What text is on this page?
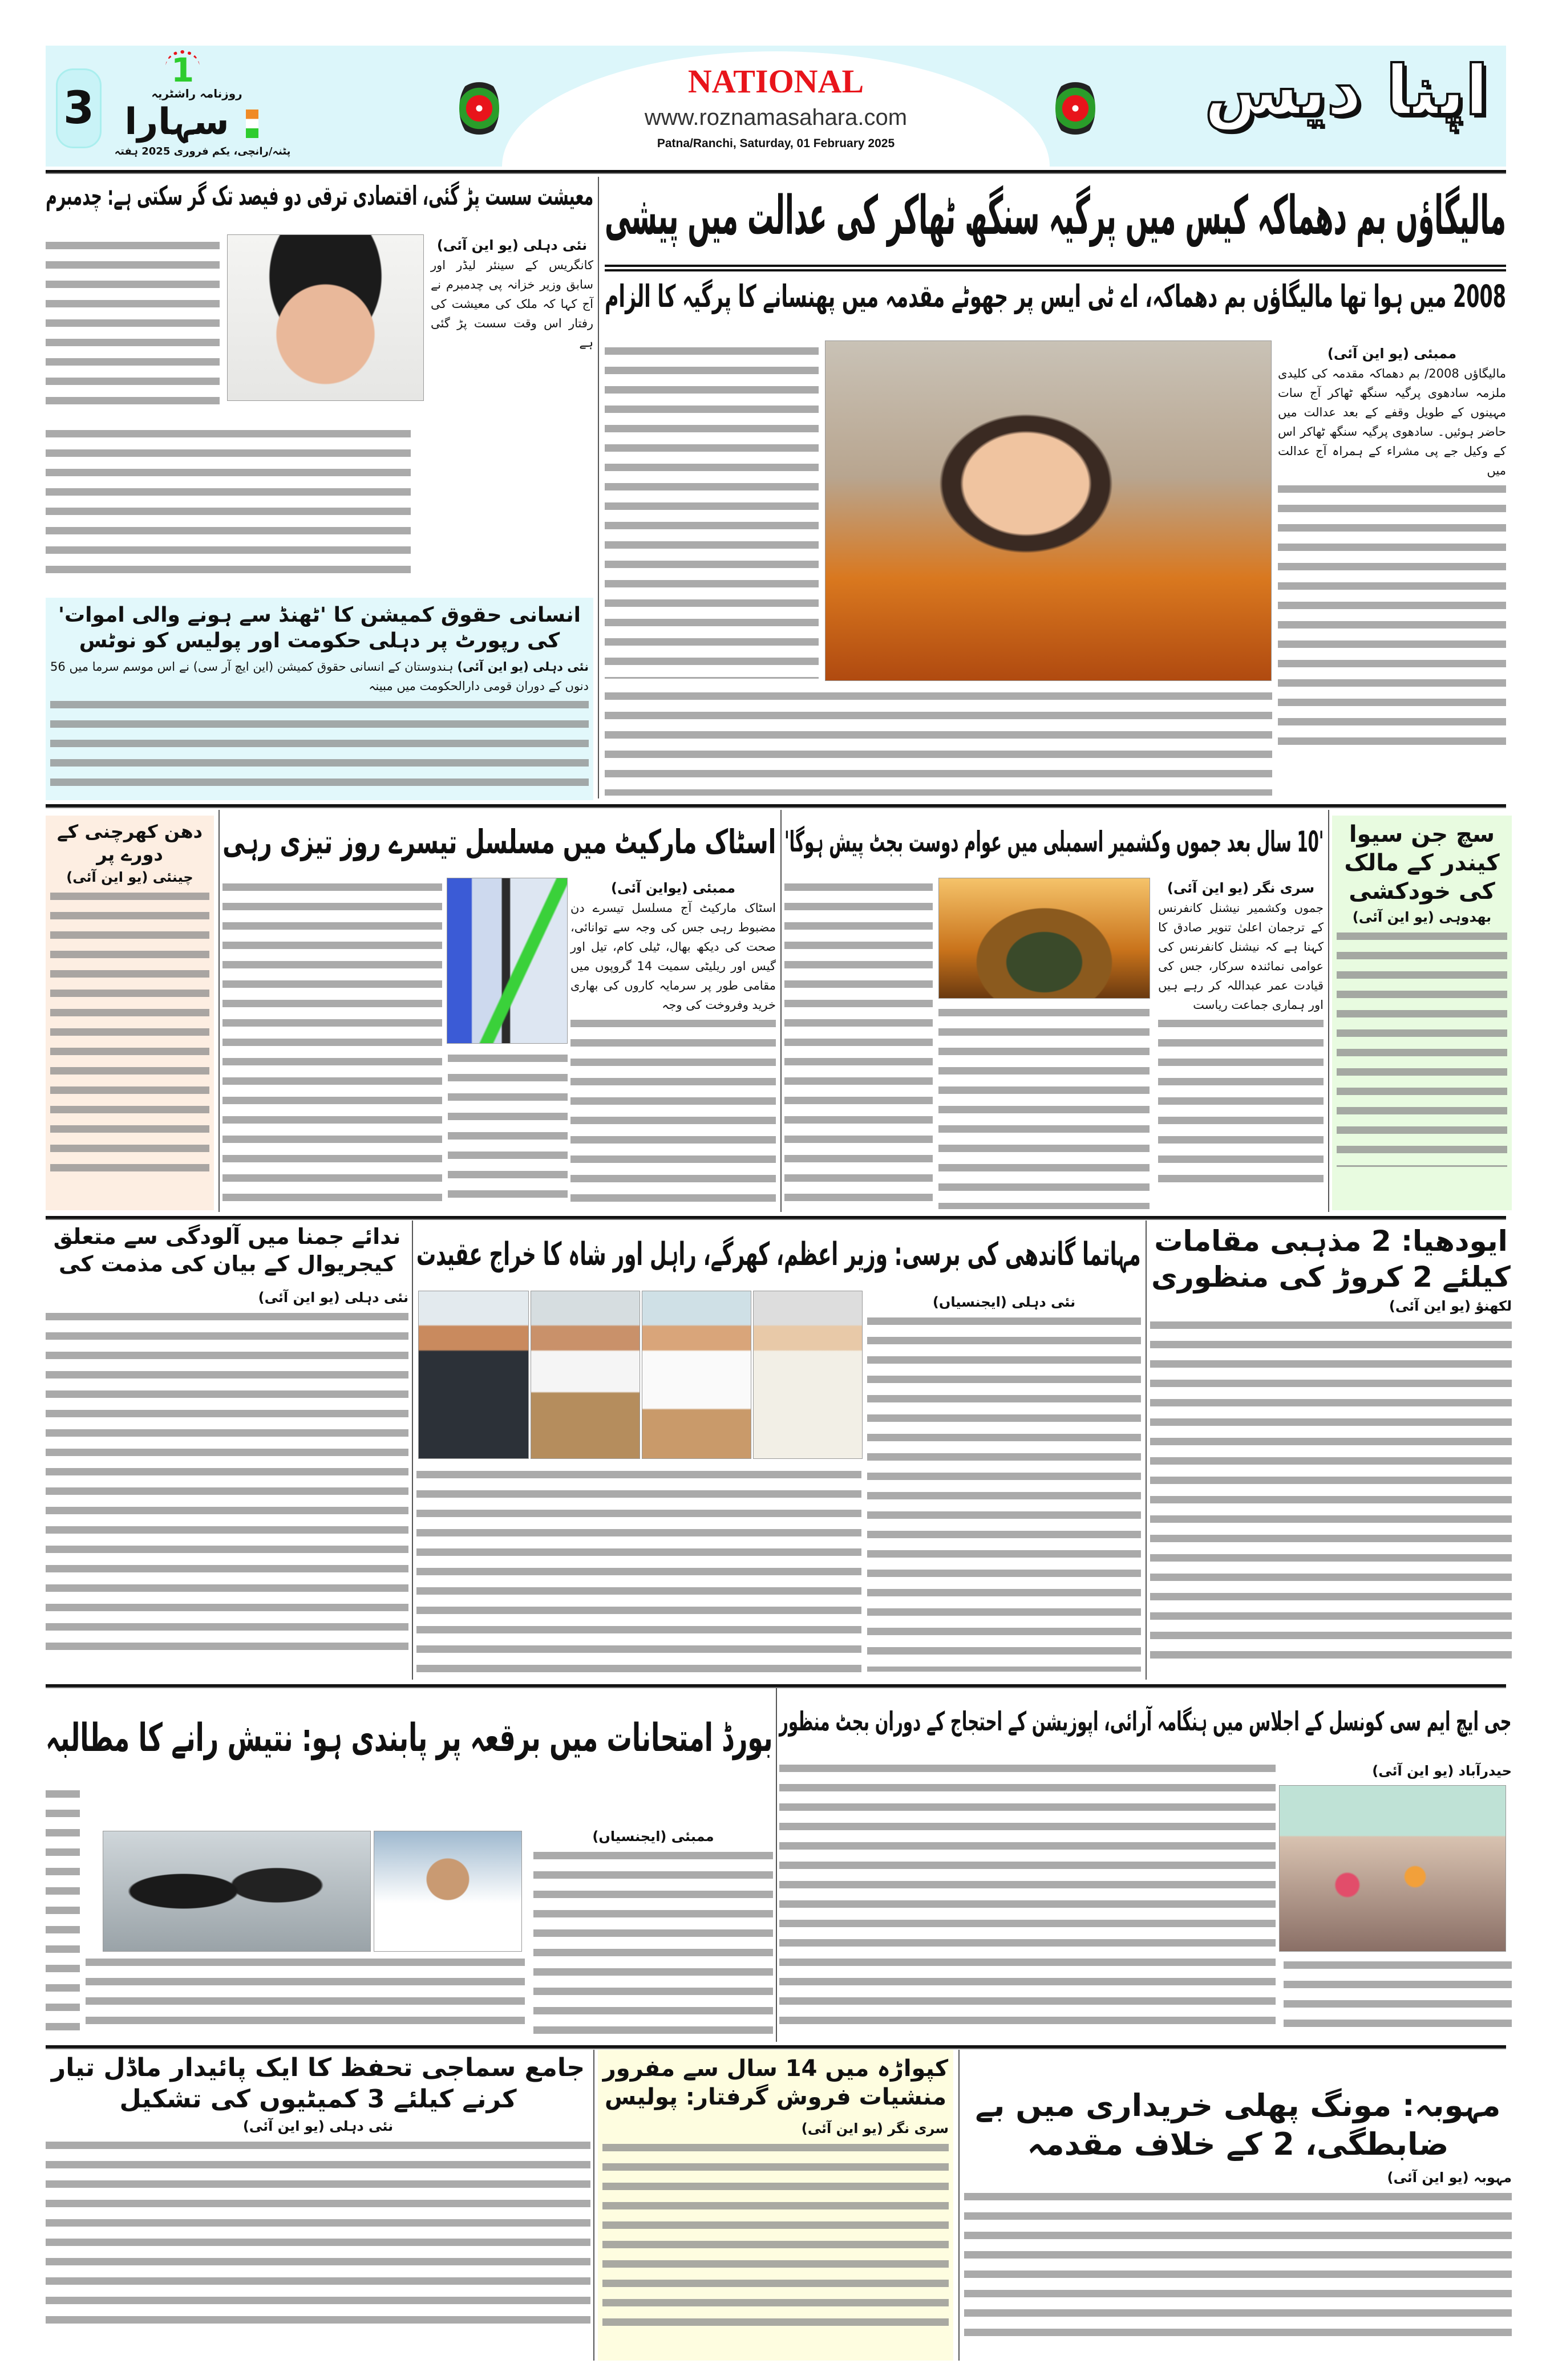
3
1
روزنامہ راشٹریہ
سہارا
پٹنہ/رانچی، یکم فروری 2025 ہفتہ
NATIONAL
www.roznamasahara.com
Patna/Ranchi, Saturday, 01 February 2025
اپنا دیس
مالیگاؤں بم دھماکہ کیس میں پرگیہ سنگھ ٹھاکر کی عدالت میں پیشی
2008 میں ہوا تھا مالیگاؤں بم دھماکہ، اے ٹی ایس پر جھوٹے مقدمہ میں پھنسانے کا پرگیہ کا الزام
ممبئی (یو این آئی)
مالیگاؤں 2008/ بم دھماکہ مقدمہ کی کلیدی ملزمہ سادھوی پرگیہ سنگھ ٹھاکر آج سات مہینوں کے طویل وقفے کے بعد عدالت میں حاضر ہوئیں۔ سادھوی پرگیہ سنگھ ٹھاکر اس کے وکیل جے پی مشراء کے ہمراہ آج عدالت میں
معیشت سست پڑ گئی، اقتصادی ترقی دو فیصد تک گر سکتی ہے: چدمبرم
نئی دہلی (یو این آئی)
کانگریس کے سینئر لیڈر اور سابق وزیر خزانہ پی چدمبرم نے آج کہا کہ ملک کی معیشت کی رفتار اس وقت سست پڑ گئی ہے
انسانی حقوق کمیشن کا 'ٹھنڈ سے ہونے والی اموات' کی رپورٹ پر دہلی حکومت اور پولیس کو نوٹس
نئی دہلی (یو این آئی) ہندوستان کے انسانی حقوق کمیشن (این ایچ آر سی) نے اس موسم سرما میں 56 دنوں کے دوران قومی دارالحکومت میں مبینہ
سچ جن سیوا کیندر کے مالک کی خودکشی
بھدوہی (یو این آئی)
'10 سال بعد جموں وکشمیر اسمبلی میں عوام دوست بجٹ پیش ہوگا'
سری نگر (یو این آئی)
جموں وکشمیر نیشنل کانفرنس کے ترجمان اعلیٰ تنویر صادق کا کہنا ہے کہ نیشنل کانفرنس کی عوامی نمائندہ سرکار، جس کی قیادت عمر عبداللہ کر رہے ہیں اور ہماری جماعت ریاست
اسٹاک مارکیٹ میں مسلسل تیسرے روز تیزی رہی
ممبئی (یواین آئی)
اسٹاک مارکیٹ آج مسلسل تیسرے دن مضبوط رہی جس کی وجہ سے توانائی، صحت کی دیکھ بھال، ٹیلی کام، تیل اور گیس اور ریلیٹی سمیت 14 گروپوں میں مقامی طور پر سرمایہ کاروں کی بھاری خرید وفروخت کی وجہ
دھن کھرچنی کے دورے پر
چینئی (یو این آئی)
ایودھیا: 2 مذہبی مقامات کیلئے 2 کروڑ کی منظوری
لکھنؤ (یو این آئی)
مہاتما گاندھی کی برسی: وزیر اعظم، کھرگے، راہل اور شاہ کا خراج عقیدت
نئی دہلی (ایجنسیاں)
ندائے جمنا میں آلودگی سے متعلق کیجریوال کے بیان کی مذمت کی
نئی دہلی (یو این آئی)
جی ایچ ایم سی کونسل کے اجلاس میں ہنگامہ آرائی، اپوزیشن کے احتجاج کے دوران بجٹ منظور
حیدرآباد (یو این آئی)
بورڈ امتحانات میں برقعہ پر پابندی ہو: نتیش رانے کا مطالبہ
ممبئی (ایجنسیاں)
مہوبہ: مونگ پھلی خریداری میں بے ضابطگی، 2 کے خلاف مقدمہ
مہوبہ (یو این آئی)
کپواڑہ میں 14 سال سے مفرور منشیات فروش گرفتار: پولیس
سری نگر (یو این آئی)
جامع سماجی تحفظ کا ایک پائیدار ماڈل تیار کرنے کیلئے 3 کمیٹیوں کی تشکیل
نئی دہلی (یو این آئی)
